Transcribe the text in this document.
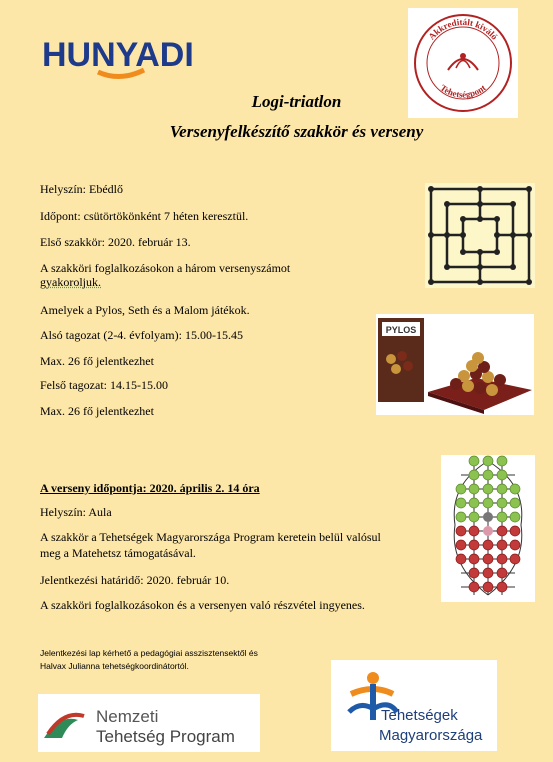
HUNYADI
Akkreditált kiváló
Tehetségpont
Logi-triatlon
Versenyfelkészítő szakkör és verseny
Helyszín: Ebédlő
Időpont: csütörtökönként 7 héten keresztül.
Első szakkör: 2020. február 13.
A szakköri foglalkozásokon a három versenyszámot
gyakoroljuk.
Amelyek a Pylos, Seth és a Malom játékok.
Alsó tagozat (2-4. évfolyam): 15.00-15.45
Max. 26 fő jelentkezhet
Felső tagozat: 14.15-15.00
Max. 26 fő jelentkezhet
A verseny időpontja: 2020. április 2. 14 óra
Helyszín: Aula
A szakkör a Tehetségek Magyarországa Program keretein belül valósul
meg a Matehetsz támogatásával.
Jelentkezési határidő: 2020. február 10.
A szakköri foglalkozásokon és a versenyen való részvétel ingyenes.
Jelentkezési lap kérhető a pedagógiai asszisztensektől és
Halvax Julianna tehetségkoordinátortól.
PYLOS
Nemzeti
Tehetség Program
Tehetségek
Magyarországa
